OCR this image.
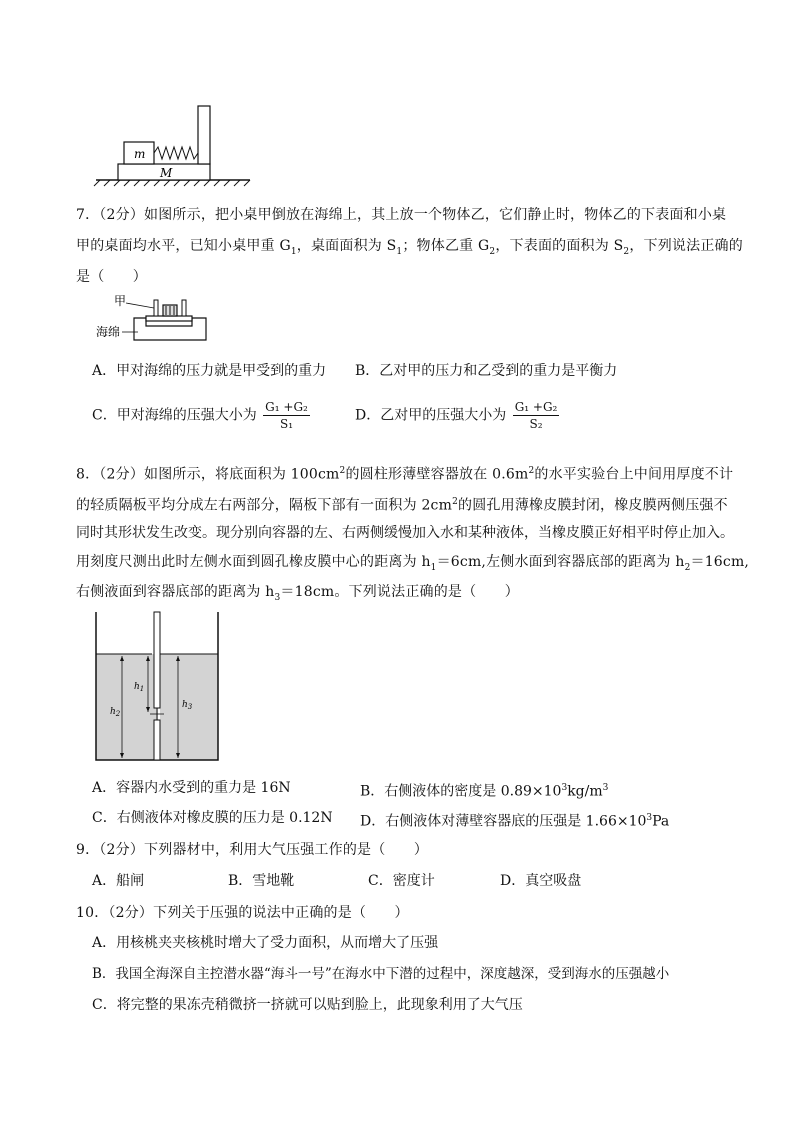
M
m
7．（2分）如图所示，把小桌甲倒放在海绵上，其上放一个物体乙，它们静止时，物体乙的下表面和小桌
甲的桌面均水平，已知小桌甲重 $G_1$，桌面面积为 $S_1$；物体乙重 $G_2$，下表面的面积为 $S_2$，下列说法正确的
是（　　）
甲
海绵
A．甲对海绵的压力就是甲受到的重力 B．乙对甲的压力和乙受到的重力是平衡力
C．甲对海绵的压强大小为 $\frac{\text{G₁ +G₂}}{\text{S₁}}$	D．乙对甲的压强大小为 $\frac{\text{G₁ +G₂}}{\text{S₂}}$
8．（2分）如图所示，将底面积为 $100cm^2$的圆柱形薄壁容器放在 $0.6m^2$的水平实验台上中间用厚度不计
的轻质隔板平均分成左右两部分，隔板下部有一面积为 $2cm^2$的圆孔用薄橡皮膜封闭，橡皮膜两侧压强不
同时其形状发生改变。现分别向容器的左、右两侧缓慢加入水和某种液体，当橡皮膜正好相平时停止加入。
用刻度尺测出此时左侧水面到圆孔橡皮膜中心的距离为 $h_1=6cm$,左侧水面到容器底部的距离为 $h_2=16cm$,
右侧液面到容器底部的距离为 $h_3=18cm$。下列说法正确的是（　　）
$h_1$
$h_2$
$h_3$
A．容器内水受到的重力是 16N	B．右侧液体的密度是 $0.89\times 10^3kg/m^3$
C．右侧液体对橡皮膜的压力是 0.12N D．右侧液体对薄壁容器底的压强是 $1.66\times 10^3Pa$
9．（2分）下列器材中，利用大气压强工作的是（　　）
A．船闸	B．雪地靴	C．密度计	D．真空吸盘
10．（2分）下列关于压强的说法中正确的是（　　）
A．用核桃夹夹核桃时增大了受力面积，从而增大了压强
B．我国全海深自主控潜水器“海斗一号”在海水中下潜的过程中，深度越深，受到海水的压强越小
C．将完整的果冻壳稍微挤一挤就可以贴到脸上，此现象利用了大气压
